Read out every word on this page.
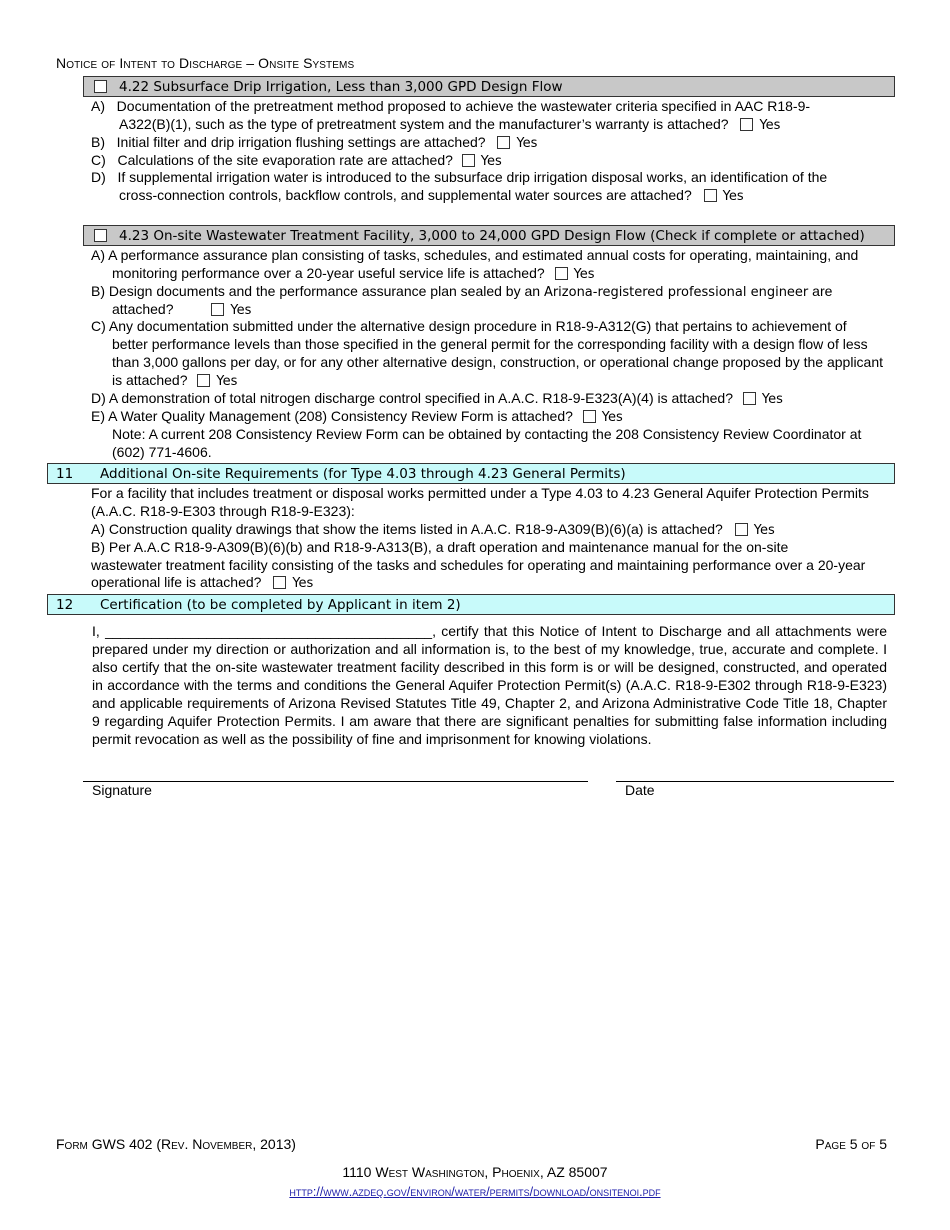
Notice of Intent to Discharge – Onsite Systems
4.22 Subsurface Drip Irrigation, Less than 3,000 GPD Design Flow
A) Documentation of the pretreatment method proposed to achieve the wastewater criteria specified in AAC R18-9-
A322(B)(1), such as the type of pretreatment system and the manufacturer’s warranty is attached? Yes
B) Initial filter and drip irrigation flushing settings are attached? Yes
C) Calculations of the site evaporation rate are attached? Yes
D) If supplemental irrigation water is introduced to the subsurface drip irrigation disposal works, an identification of the
cross-connection controls, backflow controls, and supplemental water sources are attached? Yes
4.23 On-site Wastewater Treatment Facility, 3,000 to 24,000 GPD Design Flow (Check if complete or attached)
A) A performance assurance plan consisting of tasks, schedules, and estimated annual costs for operating, maintaining, and
monitoring performance over a 20-year useful service life is attached? Yes
B) Design documents and the performance assurance plan sealed by an Arizona-registered professional engineer are
attached?	Yes
C) Any documentation submitted under the alternative design procedure in R18-9-A312(G) that pertains to achievement of
better performance levels than those specified in the general permit for the corresponding facility with a design flow of less
than 3,000 gallons per day, or for any other alternative design, construction, or operational change proposed by the applicant
is attached? Yes
D) A demonstration of total nitrogen discharge control specified in A.A.C. R18-9-E323(A)(4) is attached? Yes
E) A Water Quality Management (208) Consistency Review Form is attached? Yes
Note: A current 208 Consistency Review Form can be obtained by contacting the 208 Consistency Review Coordinator at
(602) 771-4606.
11	Additional On-site Requirements (for Type 4.03 through 4.23 General Permits)
For a facility that includes treatment or disposal works permitted under a Type 4.03 to 4.23 General Aquifer Protection Permits
(A.A.C. R18-9-E303 through R18-9-E323):
A) Construction quality drawings that show the items listed in A.A.C. R18-9-A309(B)(6)(a) is attached? Yes
B) Per A.A.C R18-9-A309(B)(6)(b) and R18-9-A313(B), a draft operation and maintenance manual for the on-site
wastewater treatment facility consisting of the tasks and schedules for operating and maintaining performance over a 20-year
operational life is attached? Yes
12	Certification (to be completed by Applicant in item 2)
I, __________________________________________, certify that this Notice of Intent to Discharge and all attachments were prepared under my direction or authorization and all information is, to the best of my knowledge, true, accurate and complete. I also certify that the on-site wastewater treatment facility described in this form is or will be designed, constructed, and operated in accordance with the terms and conditions the General Aquifer Protection Permit(s) (A.A.C. R18-9-E302 through R18-9-E323) and applicable requirements of Arizona Revised Statutes Title 49, Chapter 2, and Arizona Administrative Code Title 18, Chapter 9 regarding Aquifer Protection Permits. I am aware that there are significant penalties for submitting false information including permit revocation as well as the possibility of fine and imprisonment for knowing violations.
Signature	Date
Form GWS 402 (Rev. November, 2013)	Page 5 of 5
1110 West Washington, Phoenix, AZ 85007
http://www.azdeq.gov/environ/water/permits/download/onsitenoi.pdf
